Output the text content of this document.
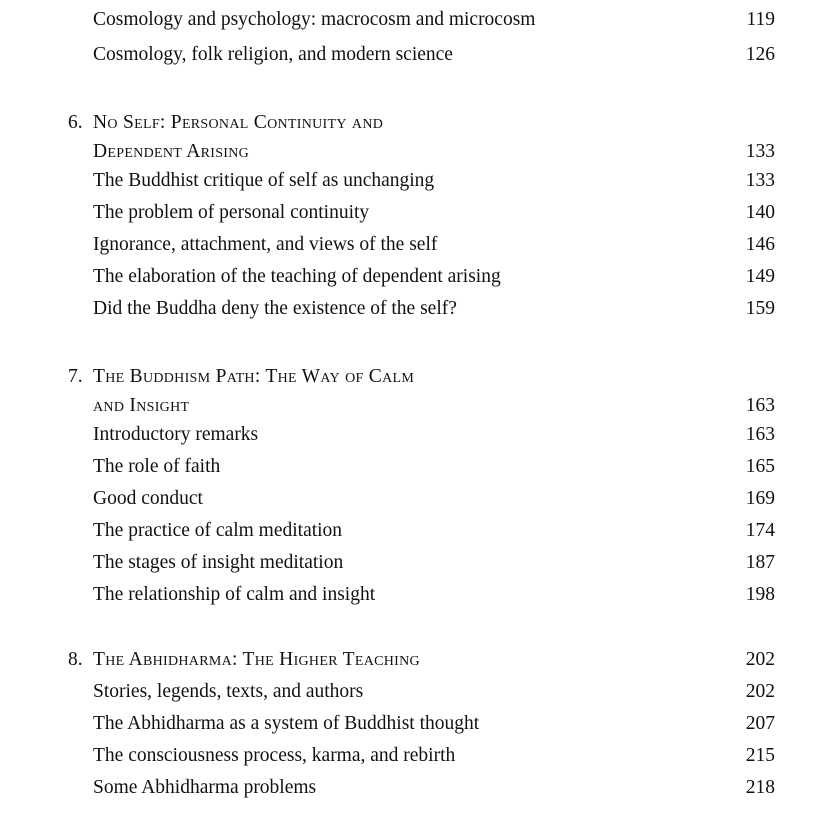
Cosmology and psychology: macrocosm and microcosm	119
Cosmology, folk religion, and modern science	126
6. No Self: Personal Continuity and
Dependent Arising	133
The Buddhist critique of self as unchanging	133
The problem of personal continuity	140
Ignorance, attachment, and views of the self	146
The elaboration of the teaching of dependent arising	149
Did the Buddha deny the existence of the self?	159
7. The Buddhism Path: The Way of Calm
and Insight	163
Introductory remarks	163
The role of faith	165
Good conduct	169
The practice of calm meditation	174
The stages of insight meditation	187
The relationship of calm and insight	198
8. The Abhidharma: The Higher Teaching	202
Stories, legends, texts, and authors	202
The Abhidharma as a system of Buddhist thought	207
The consciousness process, karma, and rebirth	215
Some Abhidharma problems	218
